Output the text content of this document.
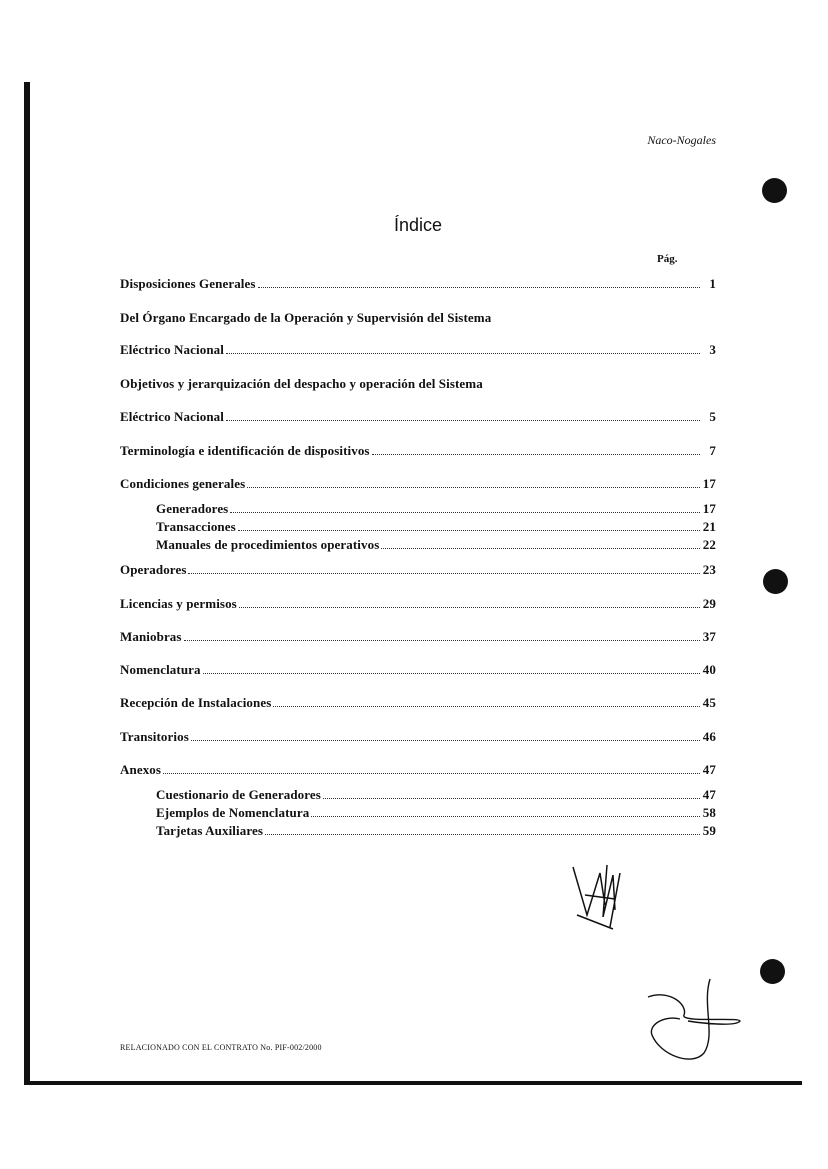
Naco-Nogales
Índice
Pág.
Disposiciones Generales	1
Del Órgano Encargado de la Operación y Supervisión del Sistema
Eléctrico Nacional	3
Objetivos y jerarquización del despacho y operación del Sistema
Eléctrico Nacional	5
Terminología e identificación de dispositivos	7
Condiciones generales	17
Generadores	17
Transacciones	21
Manuales de procedimientos operativos	22
Operadores	23
Licencias y permisos	29
Maniobras	37
Nomenclatura	40
Recepción de Instalaciones	45
Transitorios	46
Anexos	47
Cuestionario de Generadores	47
Ejemplos de Nomenclatura	58
Tarjetas Auxiliares	59
RELACIONADO CON EL CONTRATO No. PIF-002/2000
